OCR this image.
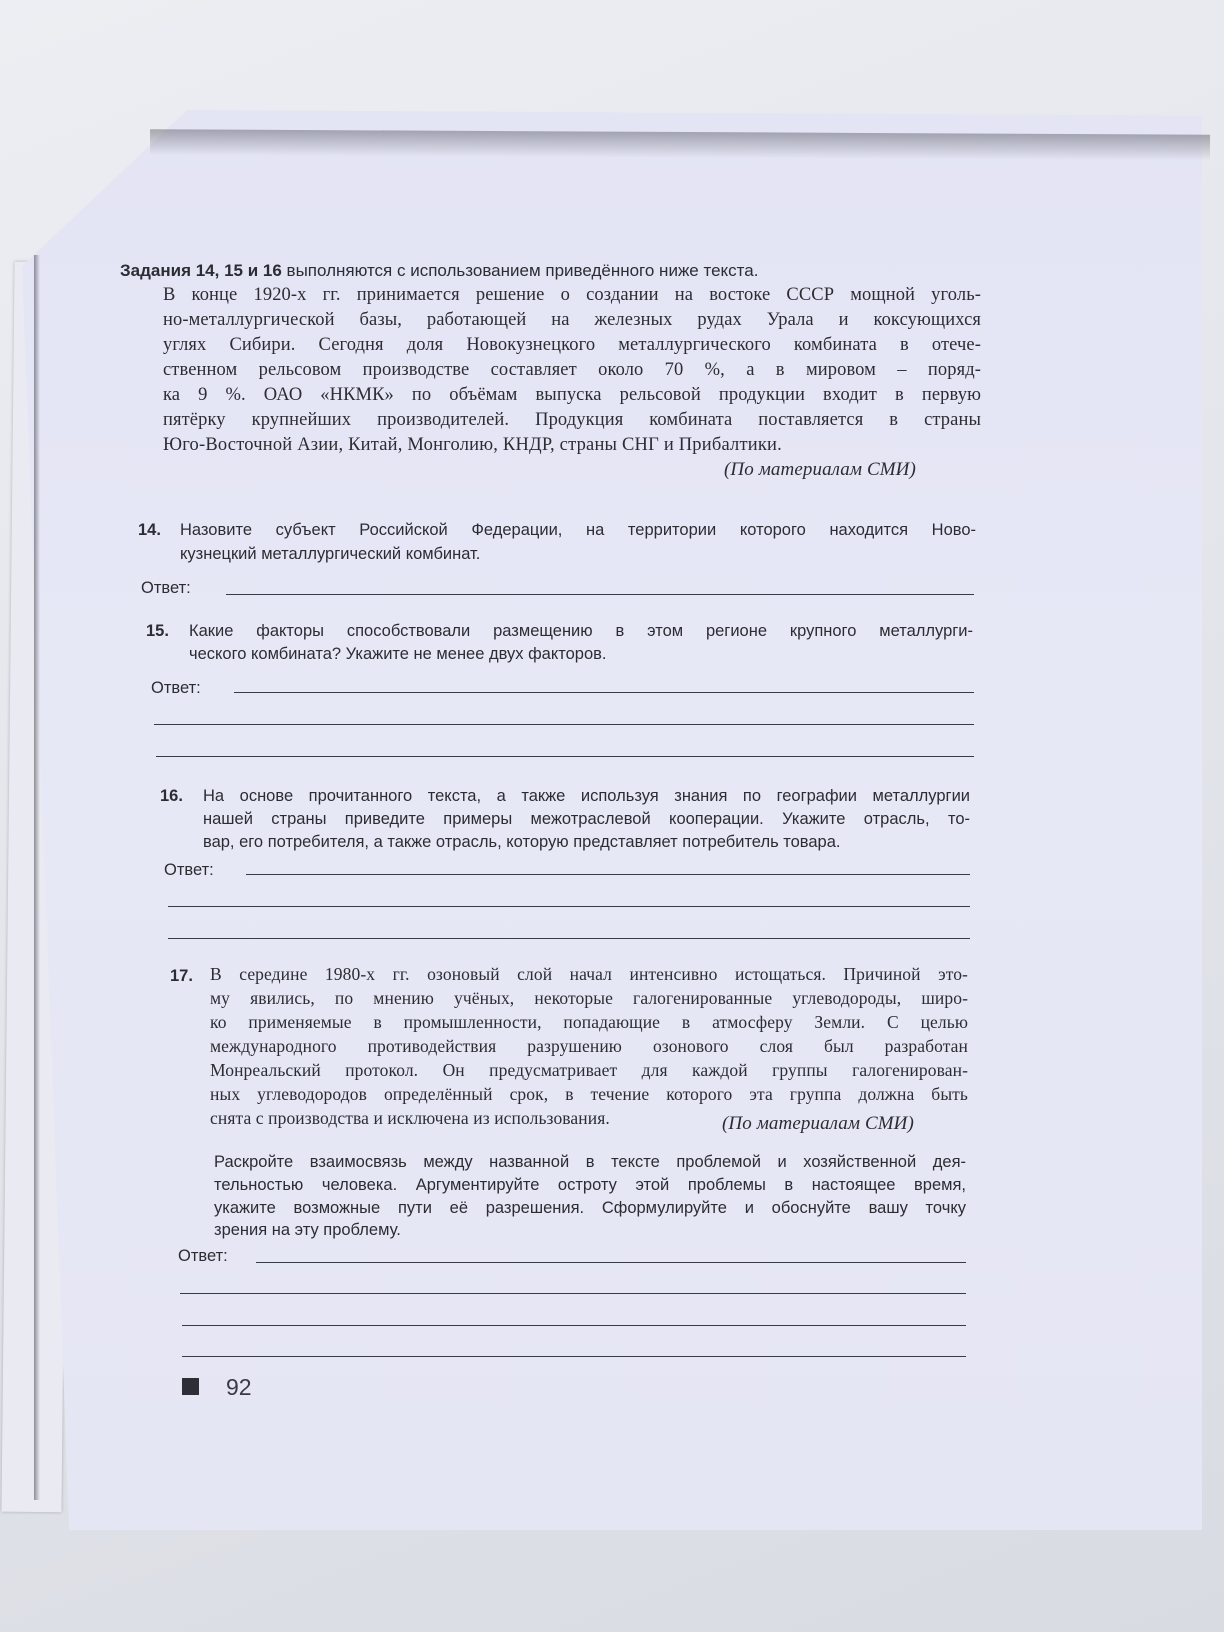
Задания 14, 15 и 16 выполняются с использованием приведённого ниже текста.
В конце 1920-х гг. принимается решение о создании на востоке СССР мощной уголь-
но-металлургической базы, работающей на железных рудах Урала и коксующихся
углях Сибири. Сегодня доля Новокузнецкого металлургического комбината в отече-
ственном рельсовом производстве составляет около 70 %, а в мировом – поряд-
ка 9 %. ОАО «НКМК» по объёмам выпуска рельсовой продукции входит в первую
пятёрку крупнейших производителей. Продукция комбината поставляется в страны
Юго-Восточной Азии, Китай, Монголию, КНДР, страны СНГ и Прибалтики.
(По материалам СМИ)
14. Назовите субъект Российской Федерации, на территории которого находится Ново-
кузнецкий металлургический комбинат.
Ответ:
15. Какие факторы способствовали размещению в этом регионе крупного металлурги-
ческого комбината? Укажите не менее двух факторов.
Ответ:
16. На основе прочитанного текста, а также используя знания по географии металлургии
нашей страны приведите примеры межотраслевой кооперации. Укажите отрасль, то-
вар, его потребителя, а также отрасль, которую представляет потребитель товара.
Ответ:
17. В середине 1980-х гг. озоновый слой начал интенсивно истощаться. Причиной это-
му явились, по мнению учёных, некоторые галогенированные углеводороды, широ-
ко применяемые в промышленности, попадающие в атмосферу Земли. С целью
международного противодействия разрушению озонового слоя был разработан
Монреальский протокол. Он предусматривает для каждой группы галогенирован-
ных углеводородов определённый срок, в течение которого эта группа должна быть
снята с производства и исключена из использования.	(По материалам СМИ)
Раскройте взаимосвязь между названной в тексте проблемой и хозяйственной дея-
тельностью человека. Аргументируйте остроту этой проблемы в настоящее время,
укажите возможные пути её разрешения. Сформулируйте и обоснуйте вашу точку
зрения на эту проблему.
Ответ:
92
